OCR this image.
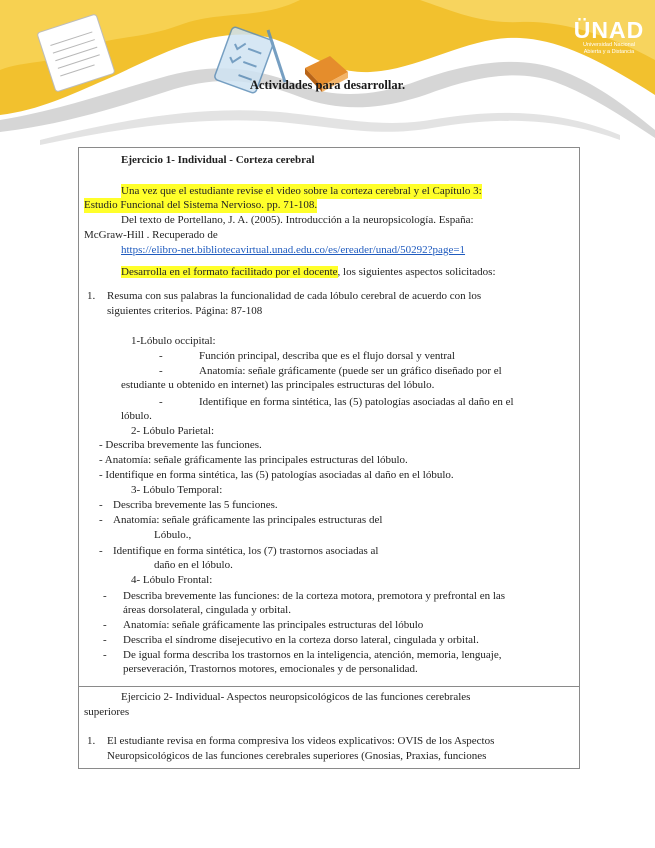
ÜNAD
Universidad Nacional
Abierta y a Distancia
Actividades para desarrollar.
Ejercicio 1- Individual - Corteza cerebral
Una vez que el estudiante revise el video sobre la corteza cerebral y el Capítulo 3:
Estudio Funcional del Sistema Nervioso. pp. 71-108.
Del texto de Portellano, J. A. (2005). Introducción a la neuropsicología. España:
McGraw-Hill . Recuperado de
https://elibro-net.bibliotecavirtual.unad.edu.co/es/ereader/unad/50292?page=1
Desarrolla en el formato facilitado por el docente, los siguientes aspectos solicitados:
1. Resuma con sus palabras la funcionalidad de cada lóbulo cerebral de acuerdo con los
siguientes criterios. Página: 87-108
1-Lóbulo occipital:
-	Función principal, describa que es el flujo dorsal y ventral
-	Anatomía: señale gráficamente (puede ser un gráfico diseñado por el
estudiante u obtenido en internet) las principales estructuras del lóbulo.
-	Identifique en forma sintética, las (5) patologías asociadas al daño en el
lóbulo.
2- Lóbulo Parietal:
- Describa brevemente las funciones.
- Anatomía: señale gráficamente las principales estructuras del lóbulo.
- Identifique en forma sintética, las (5) patologías asociadas al daño en el lóbulo.
3- Lóbulo Temporal:
- Describa brevemente las 5 funciones.
- Anatomía: señale gráficamente las principales estructuras del
Lóbulo.,
- Identifique en forma sintética, los (7) trastornos asociadas al
daño en el lóbulo.
4- Lóbulo Frontal:
- Describa brevemente las funciones: de la corteza motora, premotora y prefrontal en las
áreas dorsolateral, cingulada y orbital.
- Anatomía: señale gráficamente las principales estructuras del lóbulo
- Describa el síndrome disejecutivo en la corteza dorso lateral, cingulada y orbital.
- De igual forma describa los trastornos en la inteligencia, atención, memoria, lenguaje,
perseveración, Trastornos motores, emocionales y de personalidad.
Ejercicio 2- Individual- Aspectos neuropsicológicos de las funciones cerebrales
superiores
1. El estudiante revisa en forma compresiva los videos explicativos: OVIS de los Aspectos
Neuropsicológicos de las funciones cerebrales superiores (Gnosias, Praxias, funciones
